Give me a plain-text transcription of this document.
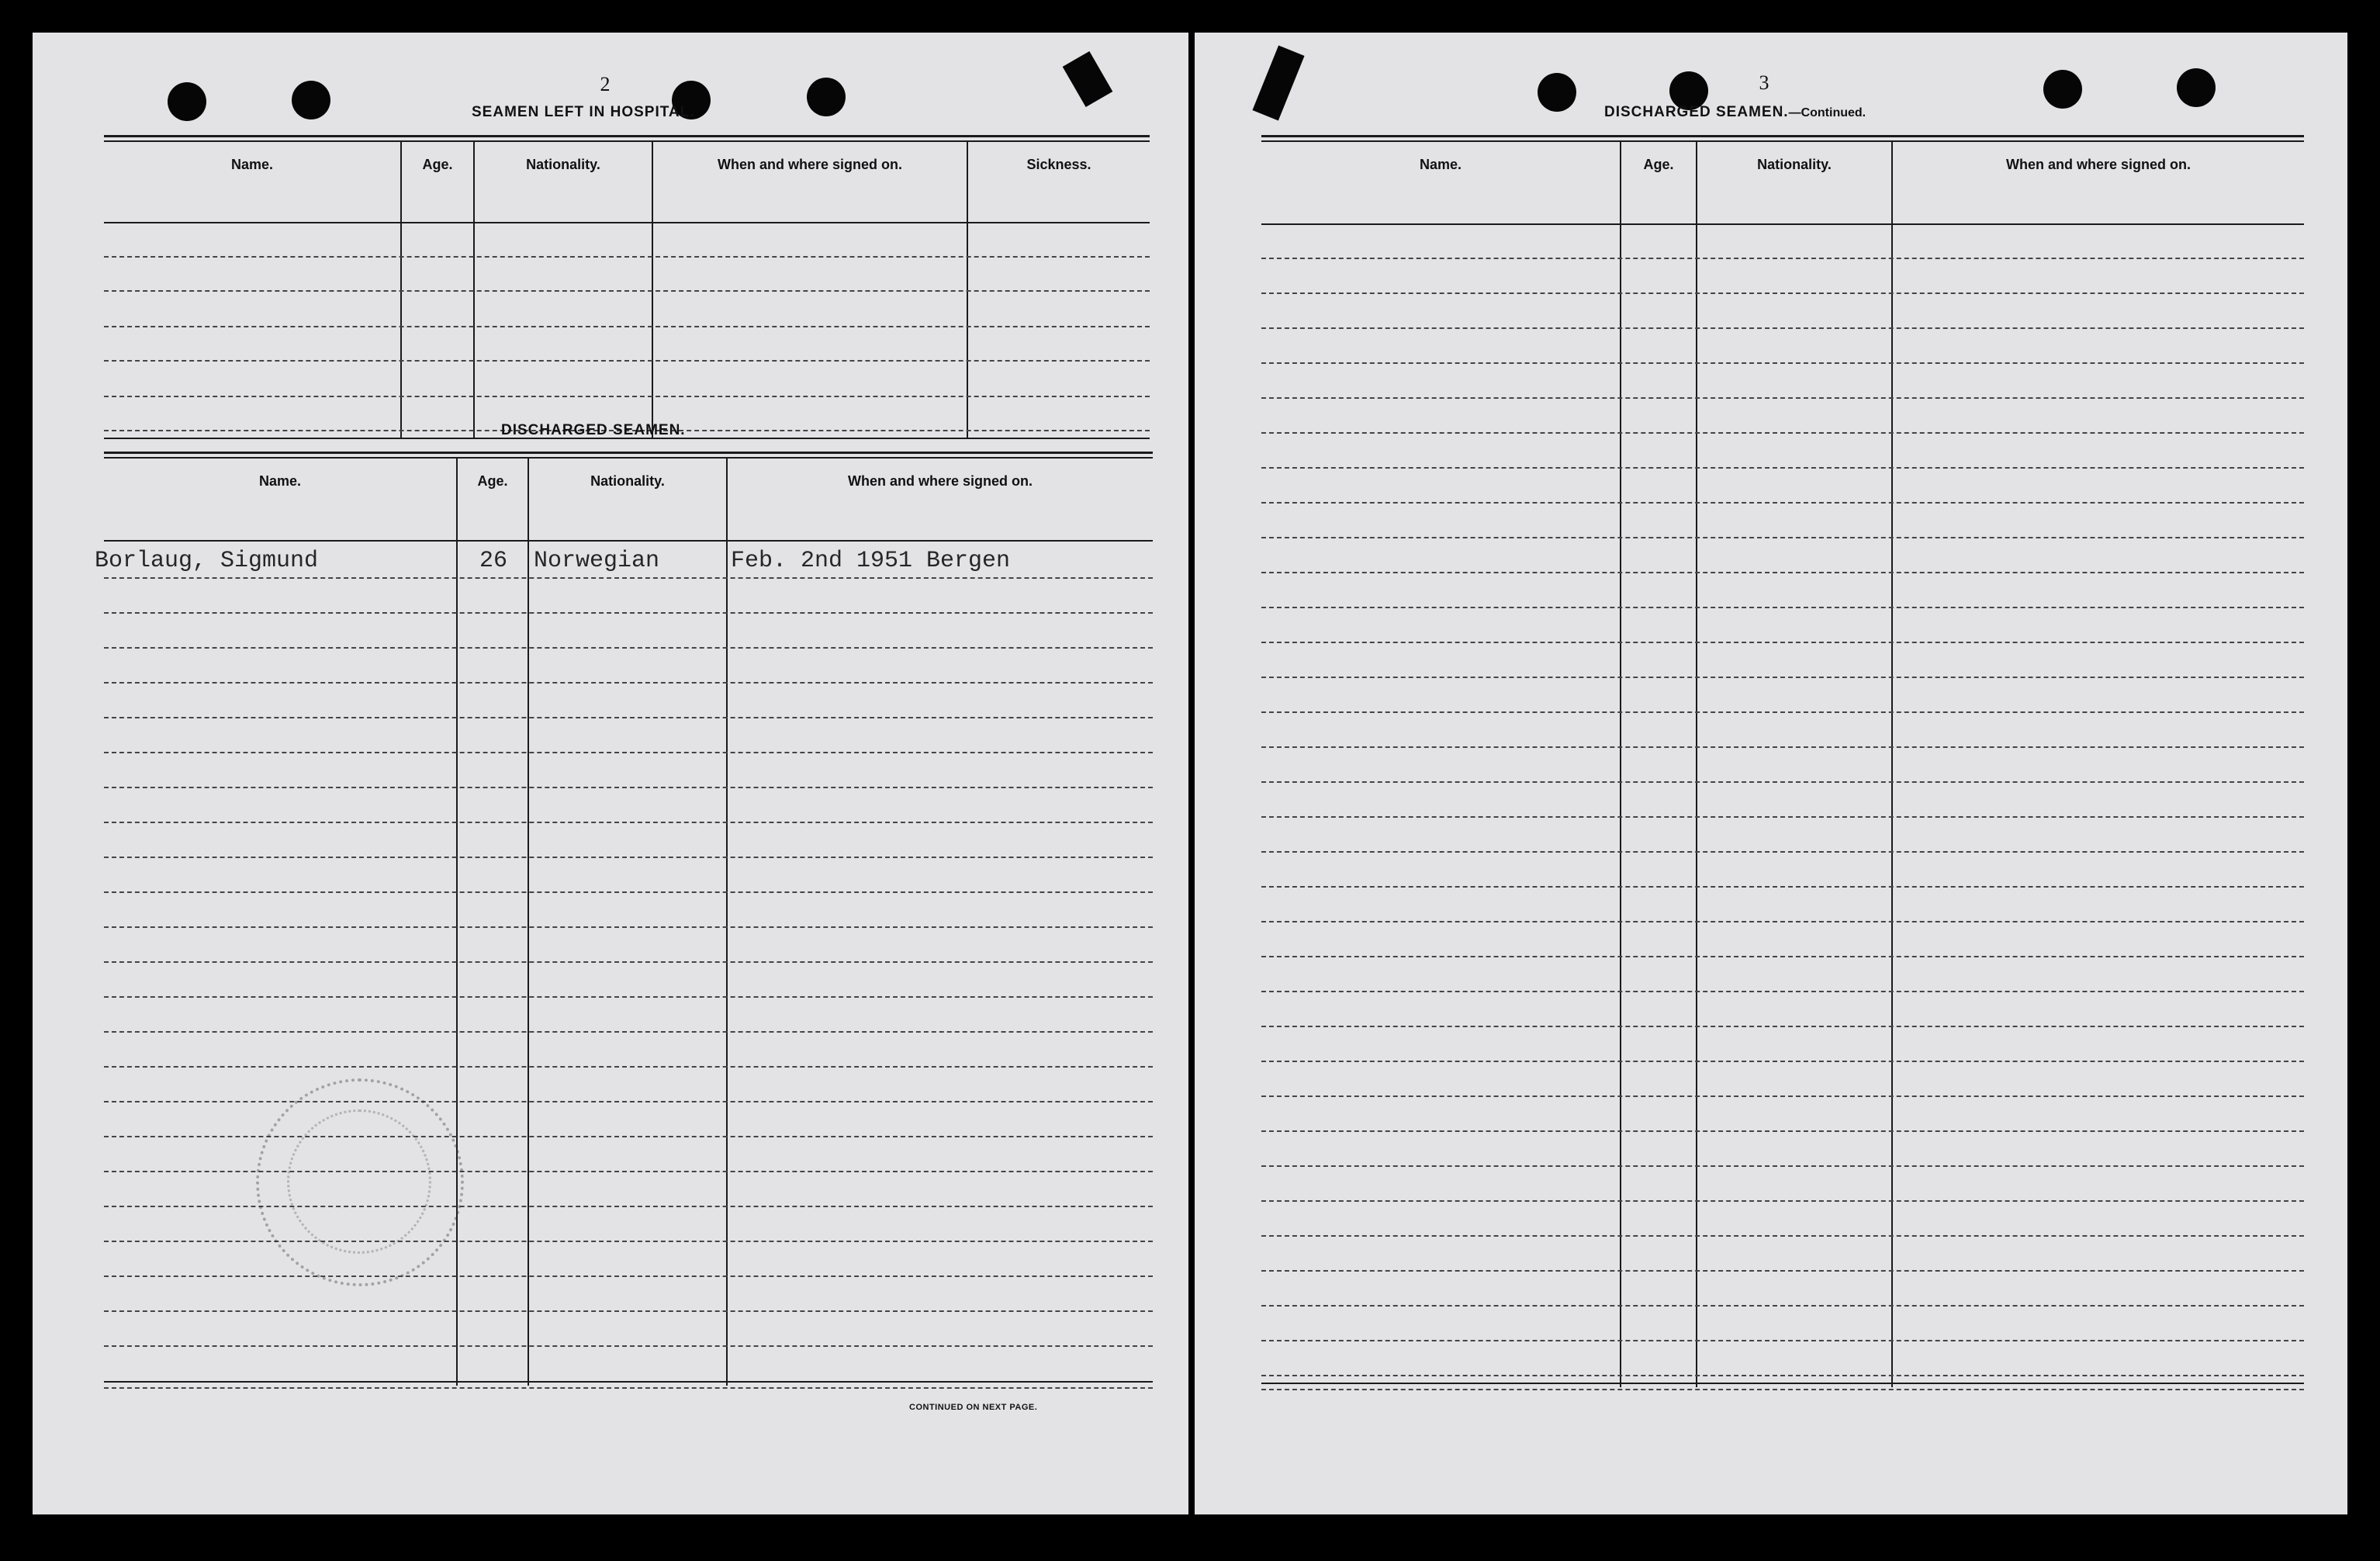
2
SEAMEN LEFT IN HOSPITAL.
Name.	Age.	Nationality.	When and where signed on.	Sickness.
DISCHARGED SEAMEN.
Name.	Age.	Nationality.	When and where signed on.
Borlaug, Sigmund	26 Norwegian	Feb. 2nd 1951 Bergen
CONTINUED ON NEXT PAGE.
3
DISCHARGED SEAMEN.—Continued.
Name.	Age.	Nationality.	When and where signed on.
